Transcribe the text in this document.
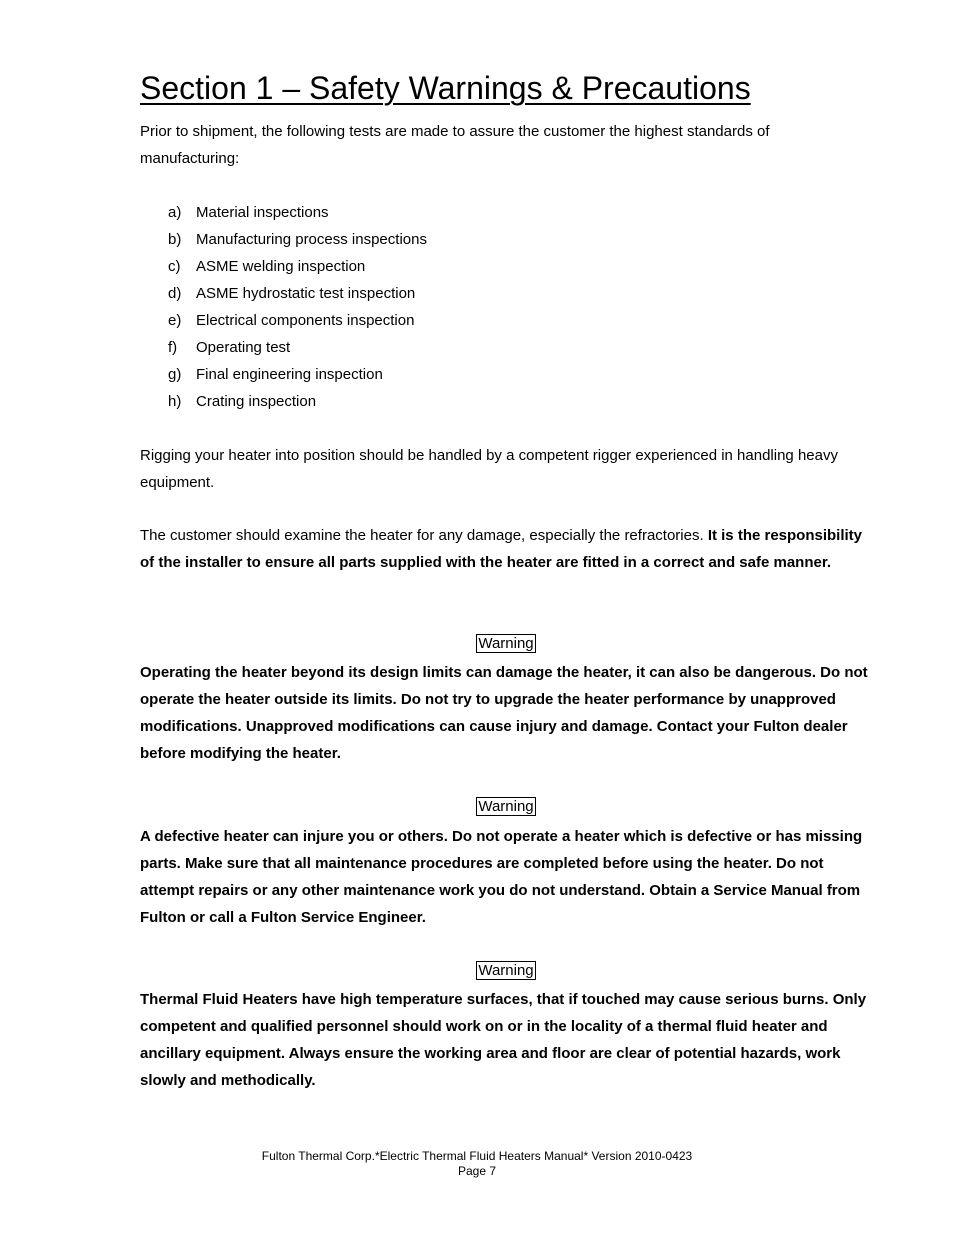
Section 1 – Safety Warnings & Precautions

Prior to shipment, the following tests are made to assure the customer the highest standards of manufacturing:

a) Material inspections
b) Manufacturing process inspections
c)	ASME welding inspection
d) ASME hydrostatic test inspection
e) Electrical components inspection
f)	Operating test
g) Final engineering inspection
h) Crating inspection

Rigging your heater into position should be handled by a competent rigger experienced in handling heavy equipment.

The customer should examine the heater for any damage, especially the refractories. It is the responsibility of the installer to ensure all parts supplied with the heater are fitted in a correct and safe manner.

Warning

Operating the heater beyond its design limits can damage the heater, it can also be dangerous. Do not operate the heater outside its limits. Do not try to upgrade the heater performance by unapproved modifications. Unapproved modifications can cause injury and damage. Contact your Fulton dealer before modifying the heater.

Warning

A defective heater can injure you or others. Do not operate a heater which is defective or has missing parts. Make sure that all maintenance procedures are completed before using the heater. Do not attempt repairs or any other maintenance work you do not understand. Obtain a Service Manual from Fulton or call a Fulton Service Engineer.

Warning

Thermal Fluid Heaters have high temperature surfaces, that if touched may cause serious burns. Only competent and qualified personnel should work on or in the locality of a thermal fluid heater and ancillary equipment. Always ensure the working area and floor are clear of potential hazards, work slowly and methodically.

Fulton Thermal Corp.*Electric Thermal Fluid Heaters Manual* Version 2010-0423
Page 7
